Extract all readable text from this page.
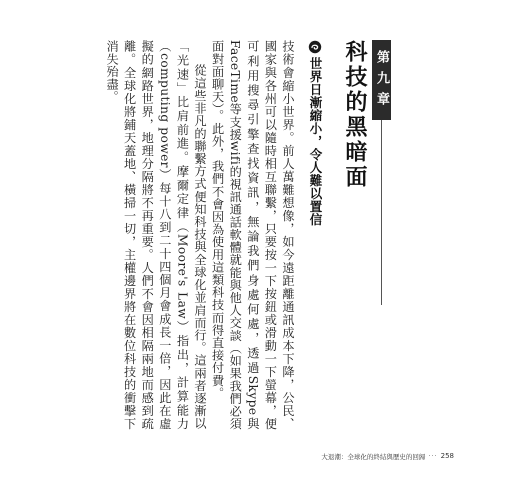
第九章
科技的黑暗面
世界日漸縮小，令人難以置信

技術會縮小世界。前人萬難想像，如今遠距離通訊成本下降，公民、國家與各州可以隨時相互聯繫，只要按一下按鈕或滑動一下螢幕，便可利用搜尋引擎查找資訊，無論我們身處何處，透過Skype與FaceTime等支援wifi的視訊通話軟體就能與他人交談（如果我們必須面對面聊天）。此外，我們不會因為使用這類科技而得直接付費。

從這些非凡的聯繫方式便知科技與全球化並肩而行。這兩者逐漸以「光速」比肩前進。摩爾定律（Moore's Law）指出，計算能力（computing power）每十八到二十四個月會成長一倍，因此在虛擬的網路世界，地理分隔將不再重要。人們不會因相隔兩地而感到疏離。全球化將鋪天蓋地、橫掃一切，主權邊界將在數位科技的衝擊下消失殆盡。

大退潮：全球化的終結與歷史的回歸 ··· 258
